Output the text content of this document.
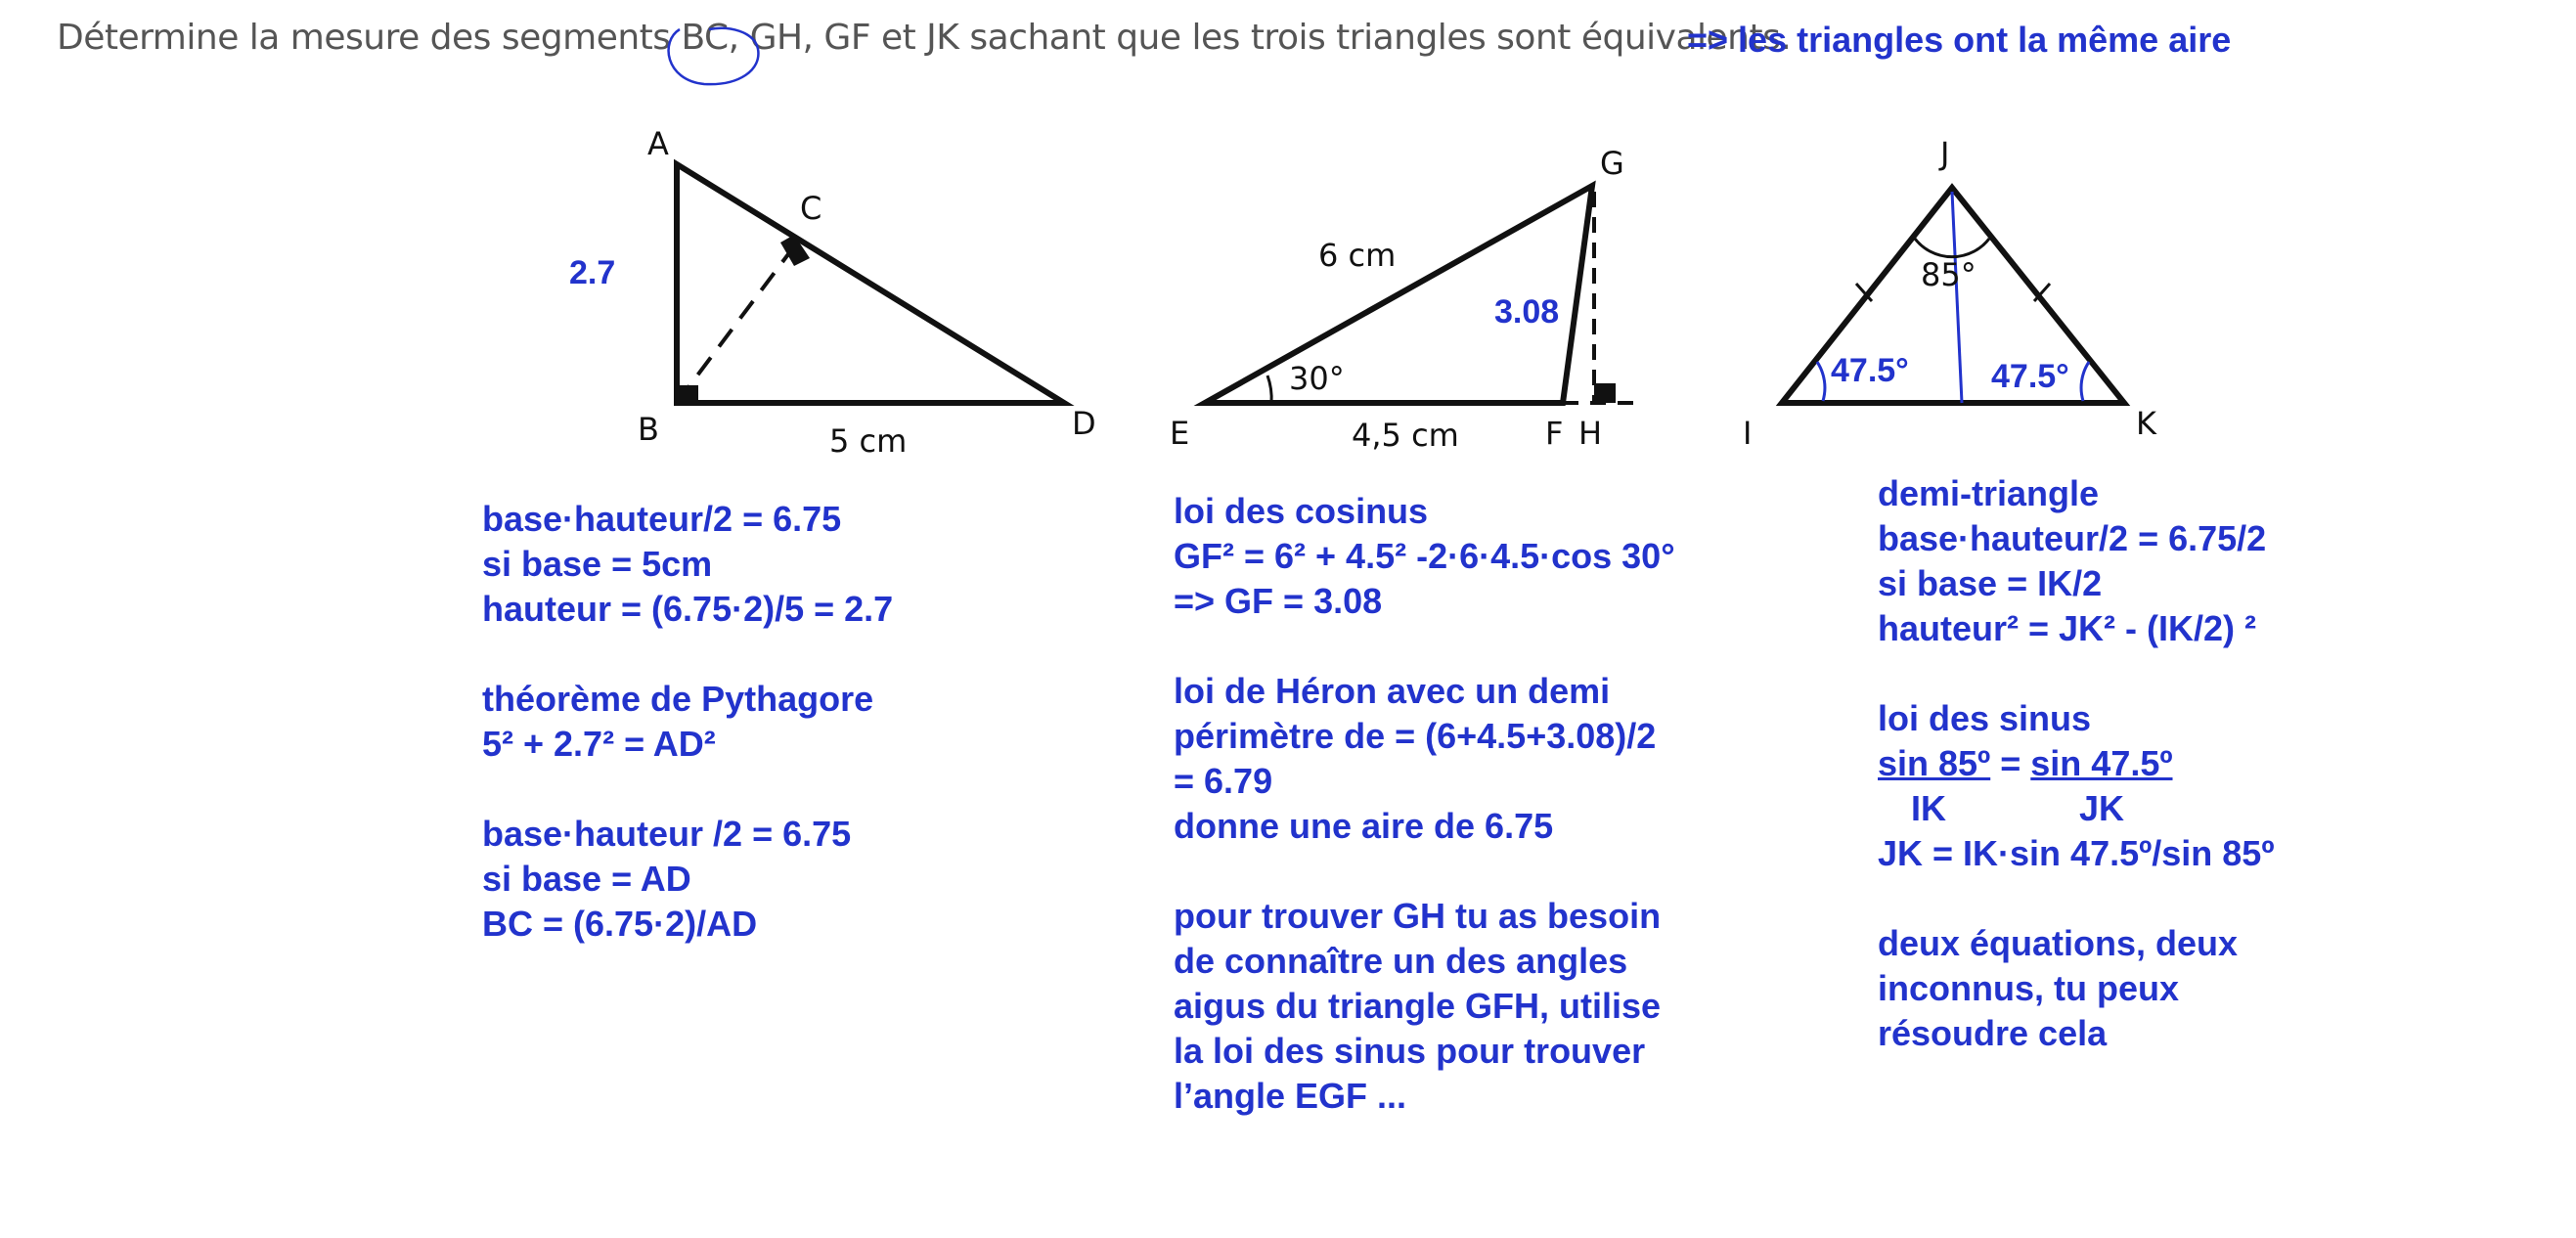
Détermine la mesure des segments BC, GH, GF et JK sachant que les trois triangles sont équivalents.
=> les triangles ont la même aire
A
C
B	D
5 cm
2.7
G
E	F H
6 cm
4,5 cm
30°
3.08
J
I	K
85°
47.5° 47.5°
base·hauteur/2 = 6.75
si base = 5cm
hauteur = (6.75·2)/5 = 2.7
théorème de Pythagore
5² + 2.7² = AD²
base·hauteur /2 = 6.75
si base = AD
BC = (6.75·2)/AD
loi des cosinus
GF² = 6² + 4.5² -2·6·4.5·cos 30°
=> GF = 3.08
loi de Héron avec un demi
périmètre de = (6+4.5+3.08)/2
= 6.79
donne une aire de 6.75
pour trouver GH tu as besoin
de connaître un des angles
aigus du triangle GFH, utilise
la loi des sinus pour trouver
l’angle EGF ...
demi-triangle
base·hauteur/2 = 6.75/2
si base = IK/2
hauteur² = JK² - (IK/2) ²
loi des sinus
sin 85º = sin 47.5º
IK	JK
JK = IK·sin 47.5º/sin 85º
deux équations, deux
inconnus, tu peux
résoudre cela
